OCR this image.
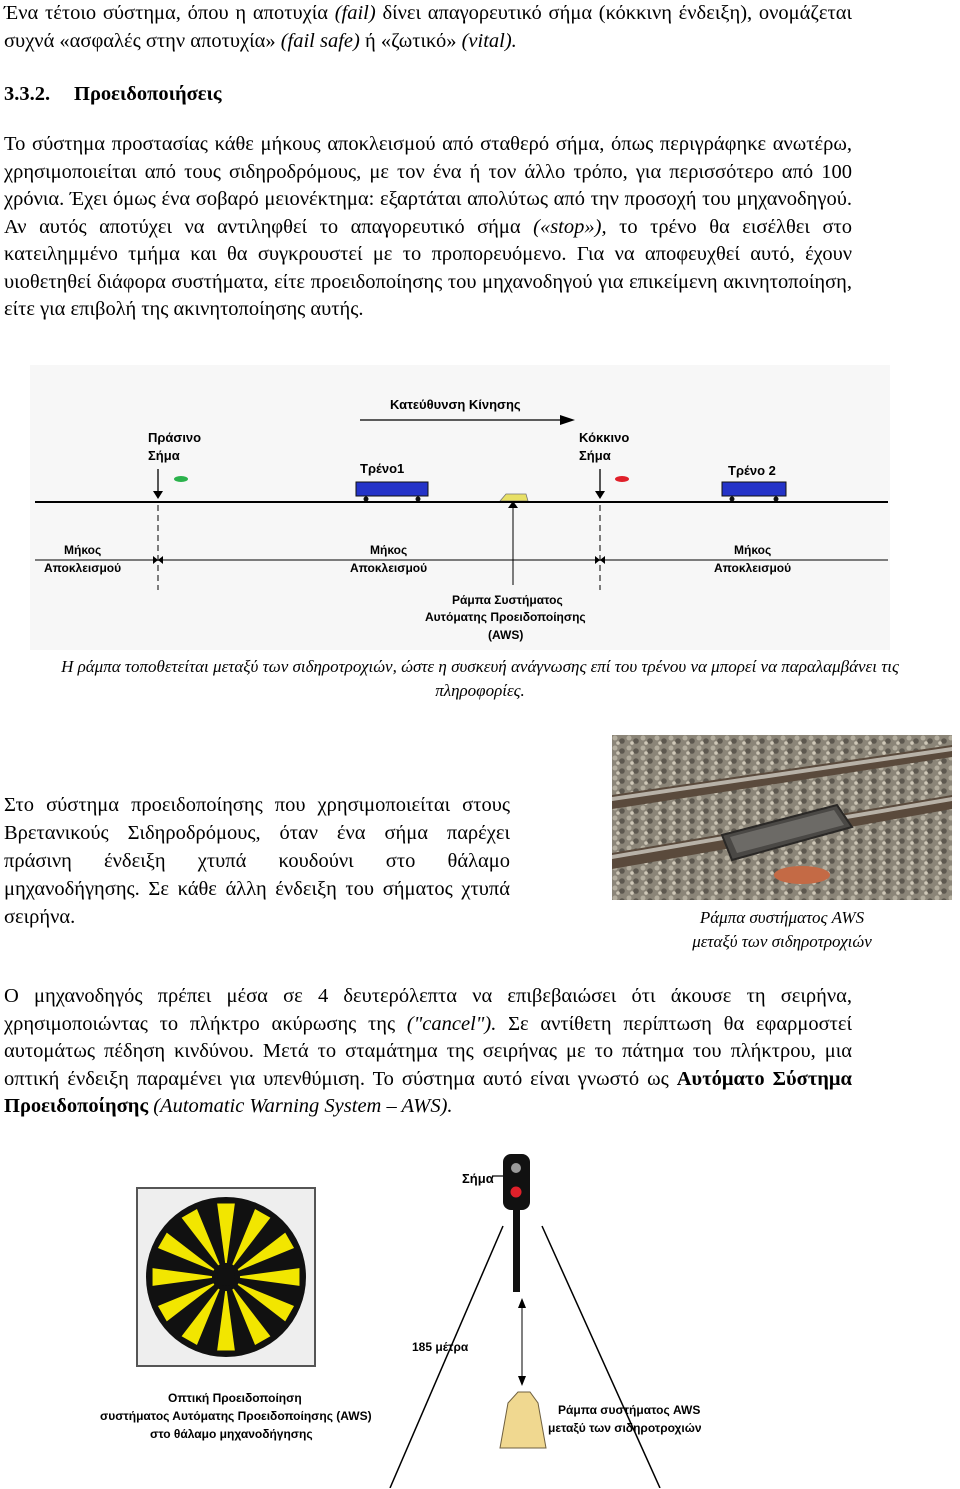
Ένα τέτοιο σύστημα, όπου η αποτυχία (fail) δίνει απαγορευτικό σήμα (κόκκινη ένδειξη), ονομάζεται συχνά «ασφαλές στην αποτυχία» (fail safe) ή «ζωτικό» (vital).

3.3.2. Προειδοποιήσεις

Το σύστημα προστασίας κάθε μήκους αποκλεισμού από σταθερό σήμα, όπως περιγράφηκε ανωτέρω, χρησιμοποιείται από τους σιδηροδρόμους, με τον ένα ή τον άλλο τρόπο, για περισσότερο από 100 χρόνια. Έχει όμως ένα σοβαρό μειονέκτημα: εξαρτάται απολύτως από την προσοχή του μηχανοδηγού. Αν αυτός αποτύχει να αντιληφθεί το απαγορευτικό σήμα («stop»), το τρένο θα εισέλθει στο κατειλημμένο τμήμα και θα συγκρουστεί με το προπορευόμενο. Για να αποφευχθεί αυτό, έχουν υιοθετηθεί διάφορα συστήματα, είτε προειδοποίησης του μηχανοδηγού για επικείμενη ακινητοποίηση, είτε για επιβολή της ακινητοποίησης αυτής.

Κατεύθυνση Κίνησης
Πράσινο
Σήμα
Τρένο1
Κόκκινο
Σήμα
Τρένο 2
Μήκος
Αποκλεισμού
Μήκος
Αποκλεισμού
Μήκος
Αποκλεισμού
Ράμπα Συστήματος
Αυτόματης Προειδοποίησης
(AWS)

Η ράμπα τοποθετείται μεταξύ των σιδηροτροχιών, ώστε η συσκευή ανάγνωσης επί του τρένου να μπορεί να παραλαμβάνει τις πληροφορίες.

Στο σύστημα προειδοποίησης που χρησιμοποιείται στους Βρετανικούς Σιδηροδρόμους, όταν ένα σήμα παρέχει πράσινη ένδειξη χτυπά κουδούνι στο θάλαμο μηχανοδήγησης. Σε κάθε άλλη ένδειξη του σήματος χτυπά σειρήνα.	Ράμπα συστήματος AWS
μεταξύ των σιδηροτροχιών

Ο μηχανοδηγός πρέπει μέσα σε 4 δευτερόλεπτα να επιβεβαιώσει ότι άκουσε τη σειρήνα, χρησιμοποιώντας το πλήκτρο ακύρωσης της ("cancel"). Σε αντίθετη περίπτωση θα εφαρμοστεί αυτομάτως πέδηση κινδύνου. Μετά το σταμάτημα της σειρήνας με το πάτημα του πλήκτρου, μια οπτική ένδειξη παραμένει για υπενθύμιση. Το σύστημα αυτό είναι γνωστό ως Αυτόματο Σύστημα Προειδοποίησης (Automatic Warning System – AWS).

Οπτική Προειδοποίηση
συστήματος Αυτόματης Προειδοποίησης (AWS)
στο θάλαμο μηχανοδήγησης
Σήμα
185 μέτρα
Ράμπα συστήματος AWS
μεταξύ των σιδηροτροχιών
